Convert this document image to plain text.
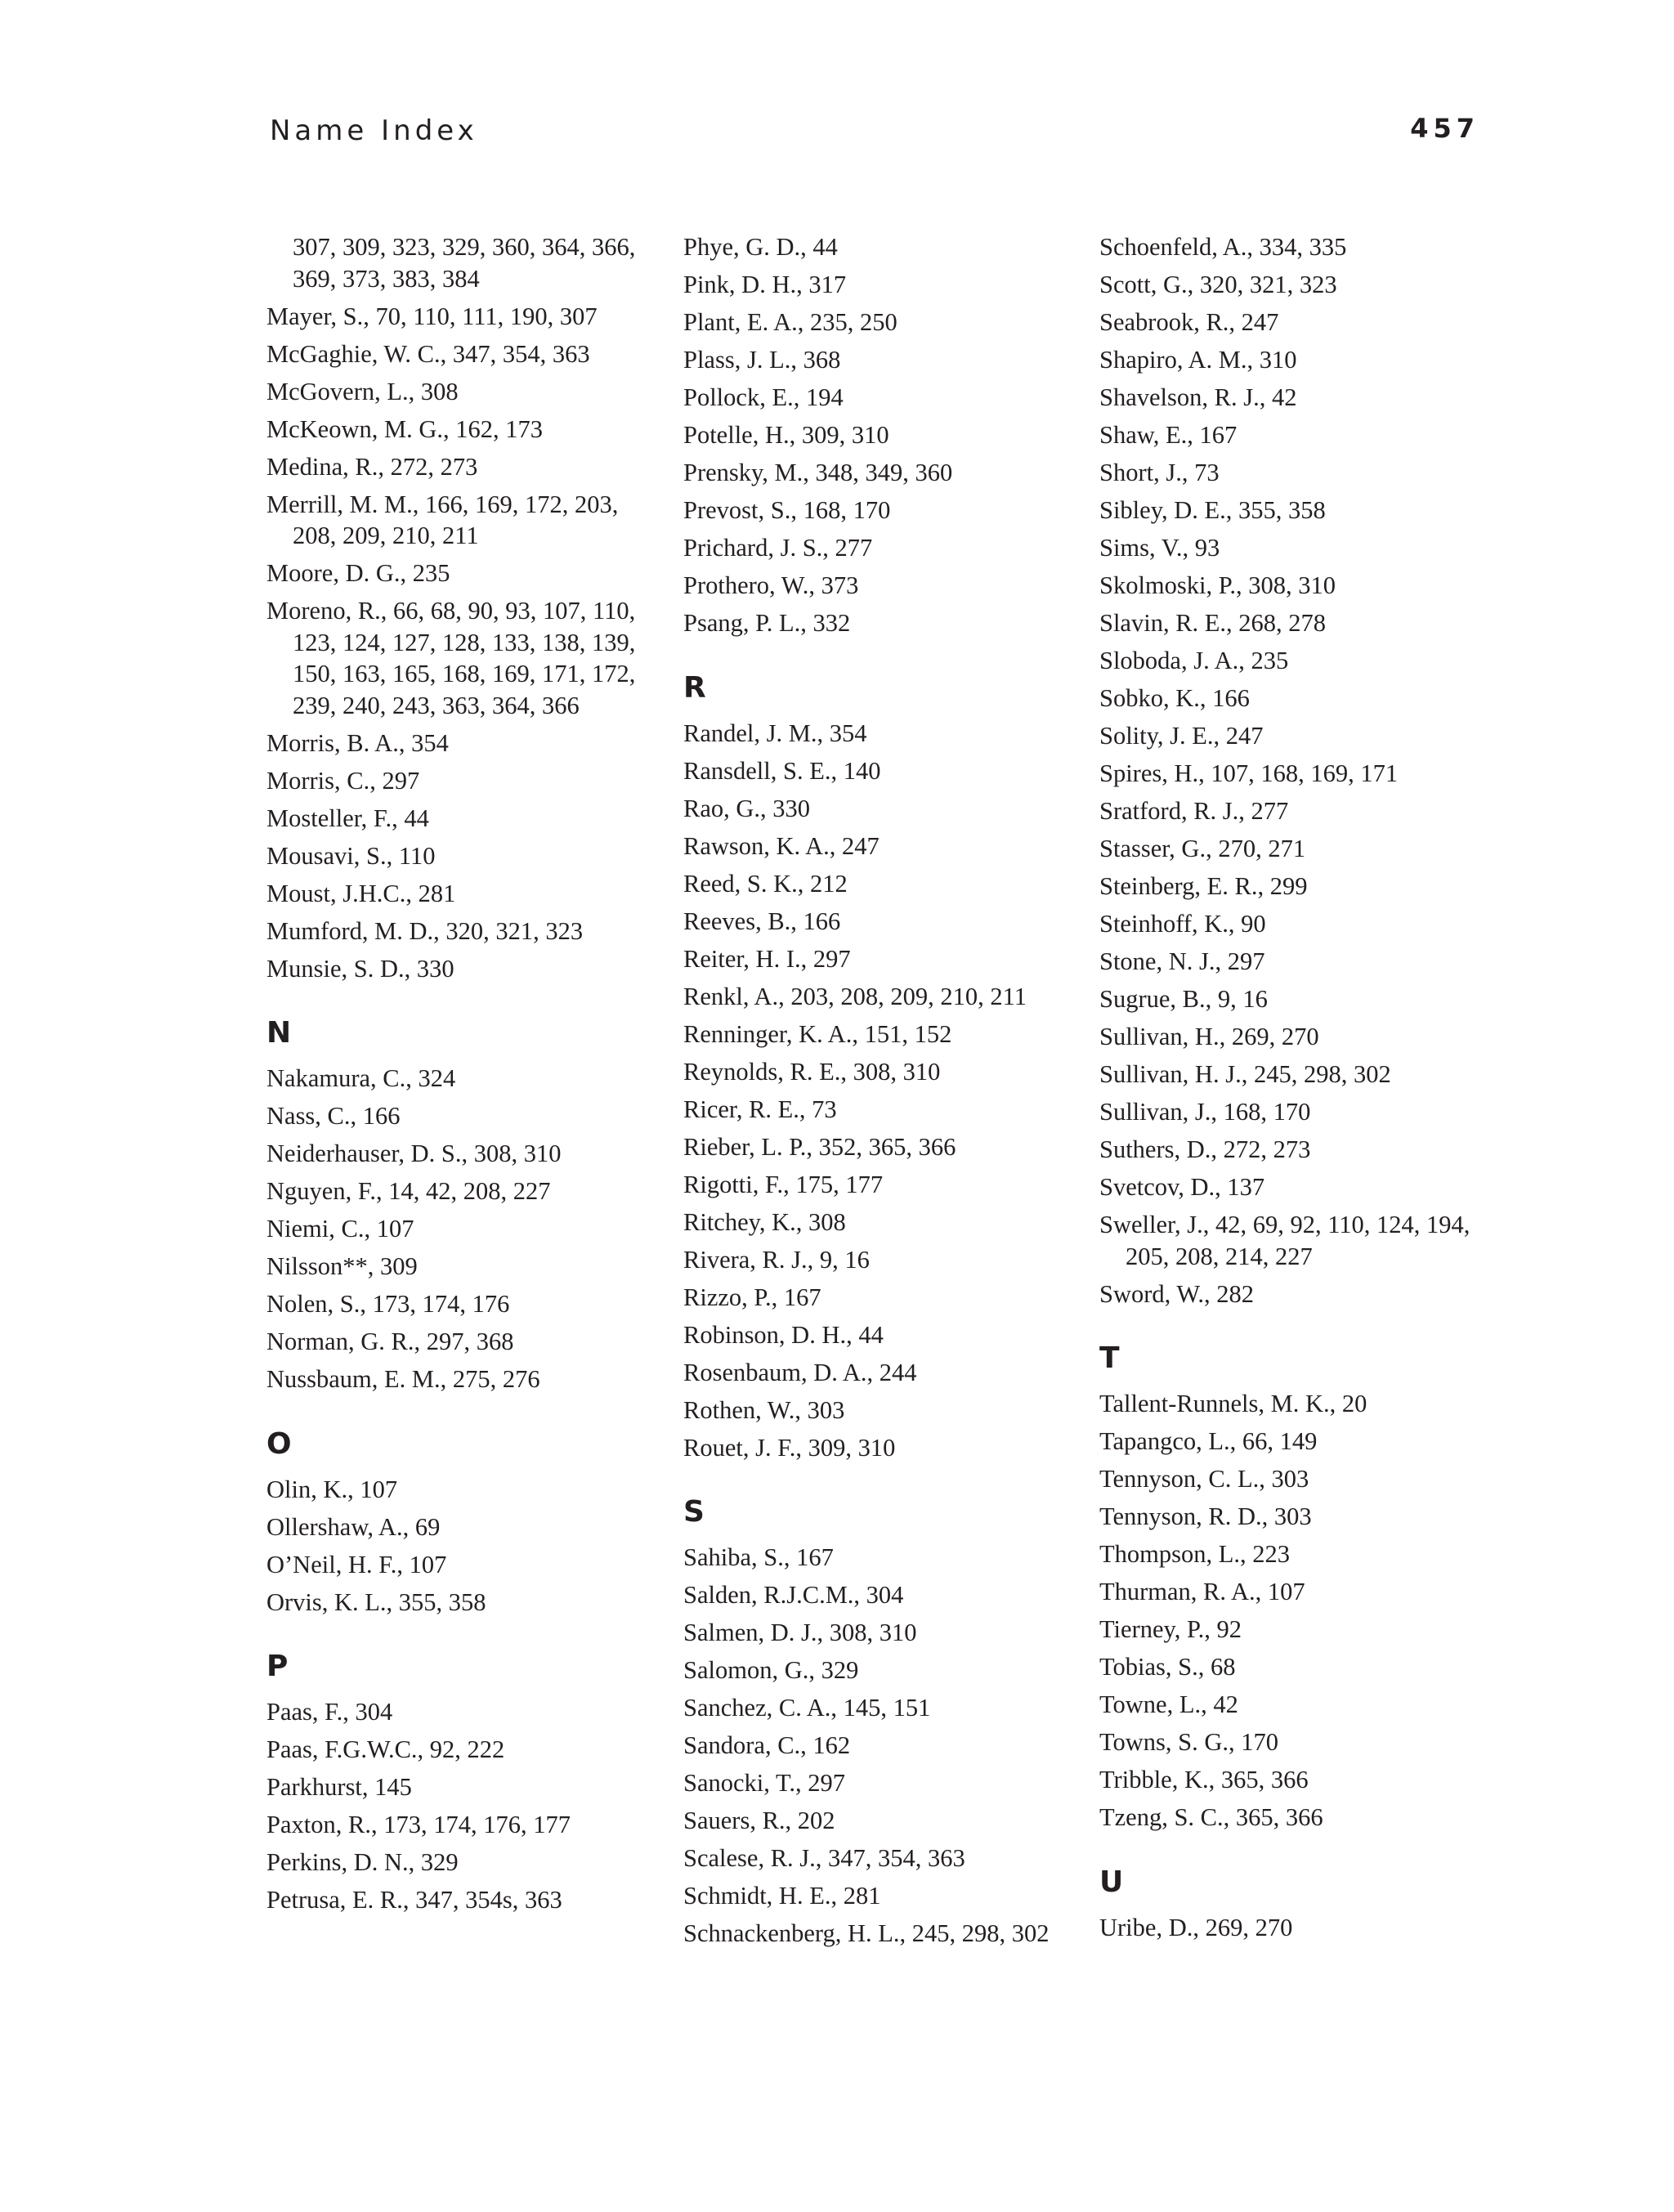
Name Index	457
307, 309, 323, 329, 360, 364, 366, 369, 373, 383, 384
Mayer, S., 70, 110, 111, 190, 307
McGaghie, W. C., 347, 354, 363
McGovern, L., 308
McKeown, M. G., 162, 173
Medina, R., 272, 273
Merrill, M. M., 166, 169, 172, 203, 208, 209, 210, 211
Moore, D. G., 235
Moreno, R., 66, 68, 90, 93, 107, 110, 123, 124, 127, 128, 133, 138, 139, 150, 163, 165, 168, 169, 171, 172, 239, 240, 243, 363, 364, 366
Morris, B. A., 354
Morris, C., 297
Mosteller, F., 44
Mousavi, S., 110
Moust, J.H.C., 281
Mumford, M. D., 320, 321, 323
Munsie, S. D., 330
N
Nakamura, C., 324
Nass, C., 166
Neiderhauser, D. S., 308, 310
Nguyen, F., 14, 42, 208, 227
Niemi, C., 107
Nilsson**, 309
Nolen, S., 173, 174, 176
Norman, G. R., 297, 368
Nussbaum, E. M., 275, 276
O
Olin, K., 107
Ollershaw, A., 69
O’Neil, H. F., 107
Orvis, K. L., 355, 358
P
Paas, F., 304
Paas, F.G.W.C., 92, 222
Parkhurst, 145
Paxton, R., 173, 174, 176, 177
Perkins, D. N., 329
Petrusa, E. R., 347, 354s, 363
Phye, G. D., 44
Pink, D. H., 317
Plant, E. A., 235, 250
Plass, J. L., 368
Pollock, E., 194
Potelle, H., 309, 310
Prensky, M., 348, 349, 360
Prevost, S., 168, 170
Prichard, J. S., 277
Prothero, W., 373
Psang, P. L., 332
R
Randel, J. M., 354
Ransdell, S. E., 140
Rao, G., 330
Rawson, K. A., 247
Reed, S. K., 212
Reeves, B., 166
Reiter, H. I., 297
Renkl, A., 203, 208, 209, 210, 211
Renninger, K. A., 151, 152
Reynolds, R. E., 308, 310
Ricer, R. E., 73
Rieber, L. P., 352, 365, 366
Rigotti, F., 175, 177
Ritchey, K., 308
Rivera, R. J., 9, 16
Rizzo, P., 167
Robinson, D. H., 44
Rosenbaum, D. A., 244
Rothen, W., 303
Rouet, J. F., 309, 310
S
Sahiba, S., 167
Salden, R.J.C.M., 304
Salmen, D. J., 308, 310
Salomon, G., 329
Sanchez, C. A., 145, 151
Sandora, C., 162
Sanocki, T., 297
Sauers, R., 202
Scalese, R. J., 347, 354, 363
Schmidt, H. E., 281
Schnackenberg, H. L., 245, 298, 302
Schoenfeld, A., 334, 335
Scott, G., 320, 321, 323
Seabrook, R., 247
Shapiro, A. M., 310
Shavelson, R. J., 42
Shaw, E., 167
Short, J., 73
Sibley, D. E., 355, 358
Sims, V., 93
Skolmoski, P., 308, 310
Slavin, R. E., 268, 278
Sloboda, J. A., 235
Sobko, K., 166
Solity, J. E., 247
Spires, H., 107, 168, 169, 171
Sratford, R. J., 277
Stasser, G., 270, 271
Steinberg, E. R., 299
Steinhoff, K., 90
Stone, N. J., 297
Sugrue, B., 9, 16
Sullivan, H., 269, 270
Sullivan, H. J., 245, 298, 302
Sullivan, J., 168, 170
Suthers, D., 272, 273
Svetcov, D., 137
Sweller, J., 42, 69, 92, 110, 124, 194, 205, 208, 214, 227
Sword, W., 282
T
Tallent-Runnels, M. K., 20
Tapangco, L., 66, 149
Tennyson, C. L., 303
Tennyson, R. D., 303
Thompson, L., 223
Thurman, R. A., 107
Tierney, P., 92
Tobias, S., 68
Towne, L., 42
Towns, S. G., 170
Tribble, K., 365, 366
Tzeng, S. C., 365, 366
U
Uribe, D., 269, 270
